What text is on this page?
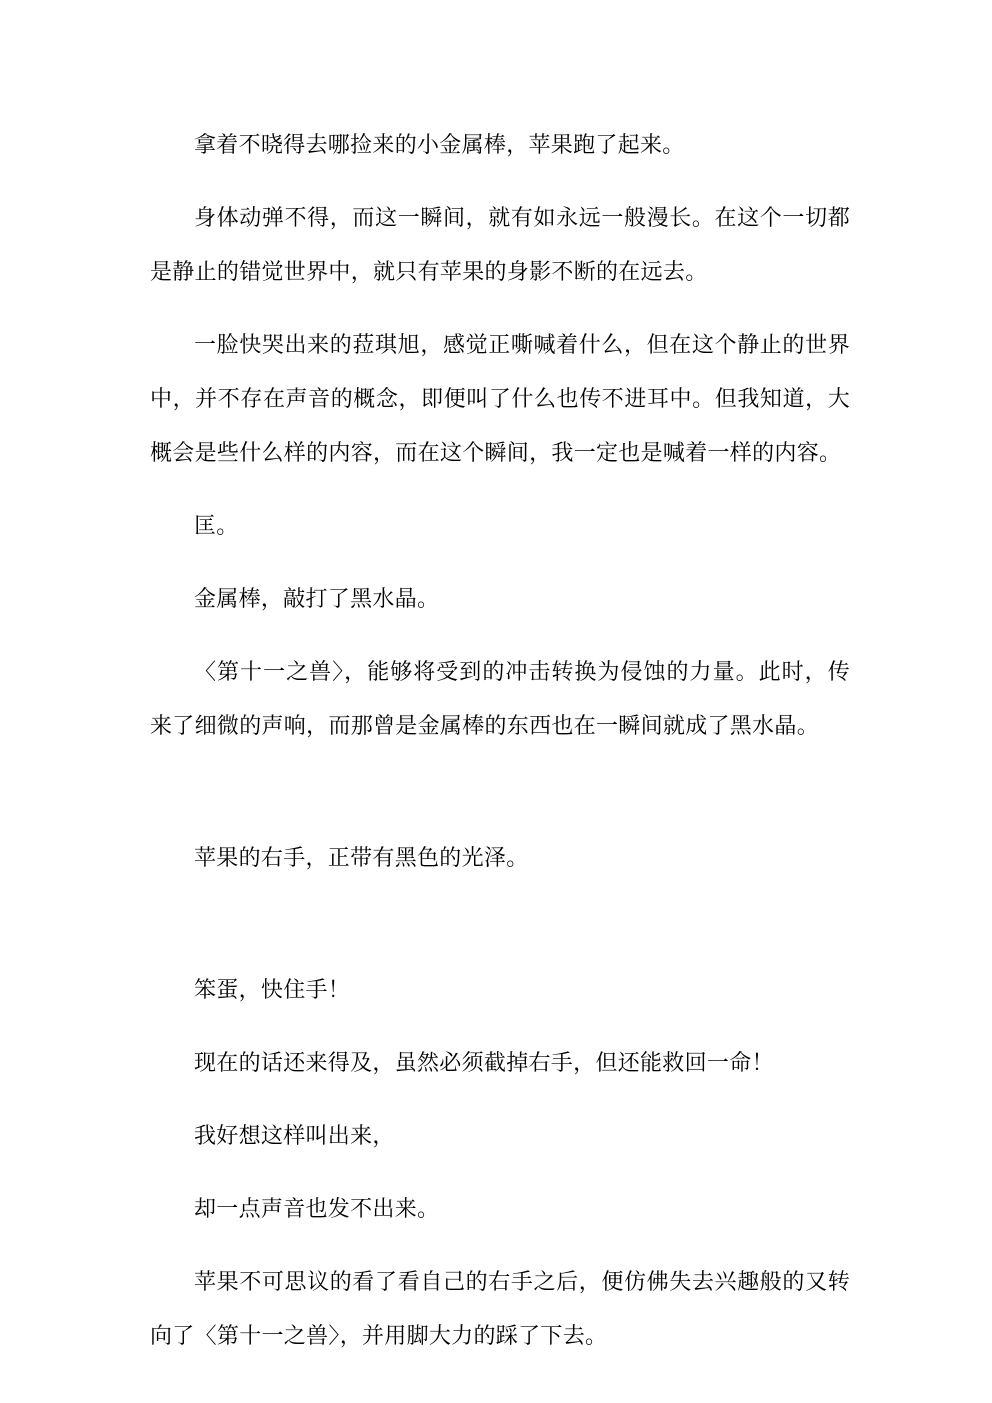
拿着不晓得去哪捡来的小金属棒，苹果跑了起来。

身体动弹不得，而这一瞬间，就有如永远一般漫长。在这个一切都是静止的错觉世界中，就只有苹果的身影不断的在远去。

一脸快哭出来的菈琪旭，感觉正嘶喊着什么，但在这个静止的世界中，并不存在声音的概念，即便叫了什么也传不进耳中。但我知道，大概会是些什么样的内容，而在这个瞬间，我一定也是喊着一样的内容。

匡。

金属棒，敲打了黑水晶。

〈第十一之兽〉，能够将受到的冲击转换为侵蚀的力量。此时，传来了细微的声响，而那曾是金属棒的东西也在一瞬间就成了黑水晶。

苹果的右手，正带有黑色的光泽。

笨蛋，快住手！

现在的话还来得及，虽然必须截掉右手，但还能救回一命！

我好想这样叫出来，

却一点声音也发不出来。

苹果不可思议的看了看自己的右手之后，便仿佛失去兴趣般的又转向了〈第十一之兽〉，并用脚大力的踩了下去。
